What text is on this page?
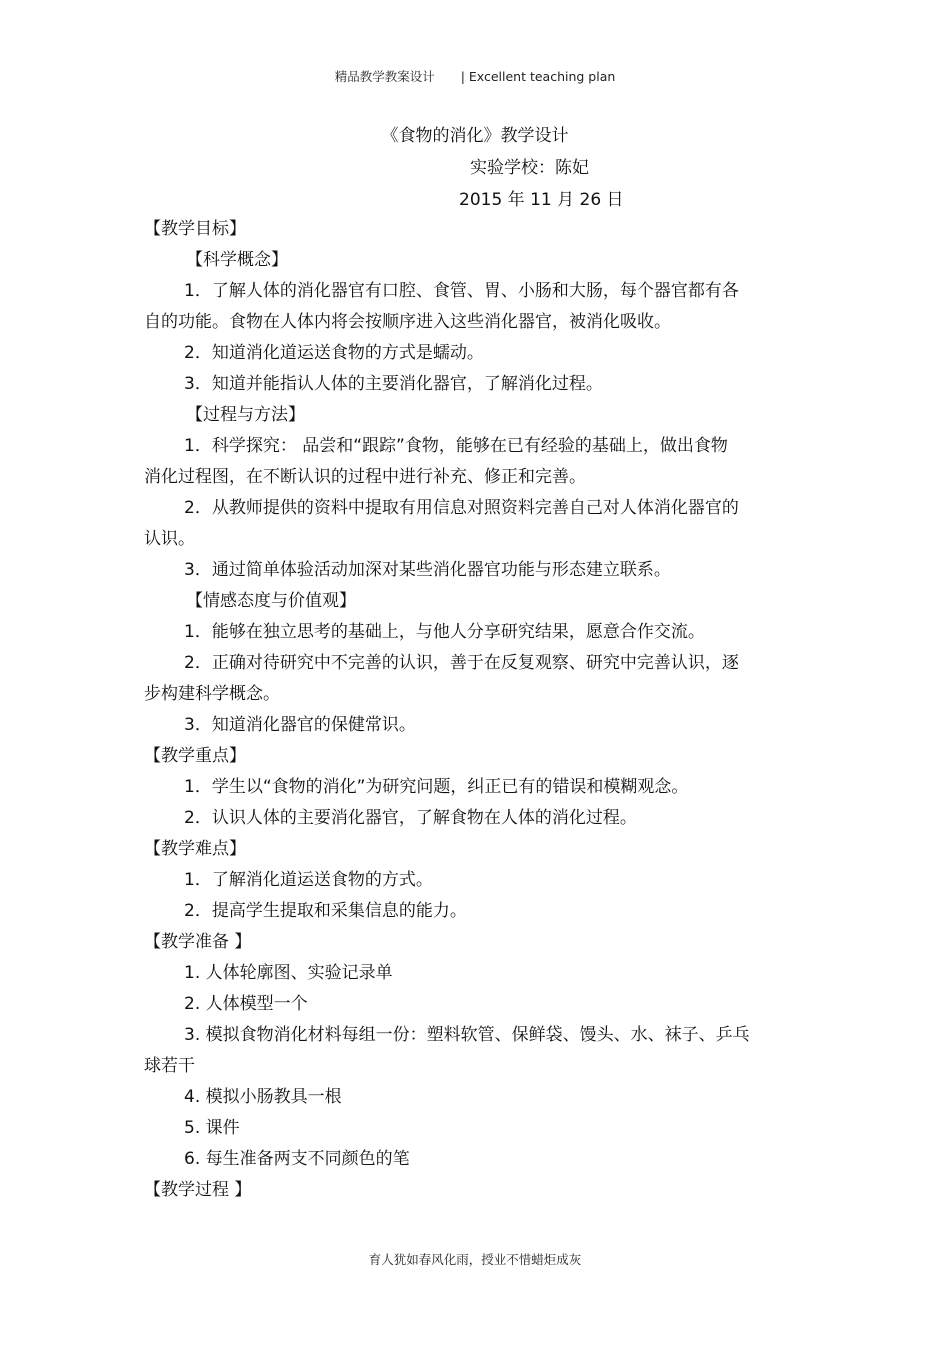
精品教学教案设计 | Excellent teaching plan
《食物的消化》教学设计
实验学校：陈妃
2015 年 11 月 26 日
【教学目标】
【科学概念】
1．了解人体的消化器官有口腔、食管、胃、小肠和大肠，每个器官都有各
自的功能。食物在人体内将会按顺序进入这些消化器官，被消化吸收。
2．知道消化道运送食物的方式是蠕动。
3．知道并能指认人体的主要消化器官，了解消化过程。
【过程与方法】
1．科学探究： 品尝和“跟踪”食物，能够在已有经验的基础上，做出食物
消化过程图，在不断认识的过程中进行补充、修正和完善。
2．从教师提供的资料中提取有用信息对照资料完善自己对人体消化器官的
认识。
3．通过简单体验活动加深对某些消化器官功能与形态建立联系。
【情感态度与价值观】
1．能够在独立思考的基础上，与他人分享研究结果，愿意合作交流。
2．正确对待研究中不完善的认识，善于在反复观察、研究中完善认识，逐
步构建科学概念。
3．知道消化器官的保健常识。
【教学重点】
1．学生以“食物的消化”为研究问题，纠正已有的错误和模糊观念。
2．认识人体的主要消化器官，了解食物在人体的消化过程。
【教学难点】
1．了解消化道运送食物的方式。
2．提高学生提取和采集信息的能力。
【教学准备 】
1. 人体轮廓图、实验记录单
2. 人体模型一个
3. 模拟食物消化材料每组一份：塑料软管、保鲜袋、馒头、水、袜子、乒乓
球若干
4. 模拟小肠教具一根
5. 课件
6. 每生准备两支不同颜色的笔
【教学过程 】
育人犹如春风化雨，授业不惜蜡炬成灰
